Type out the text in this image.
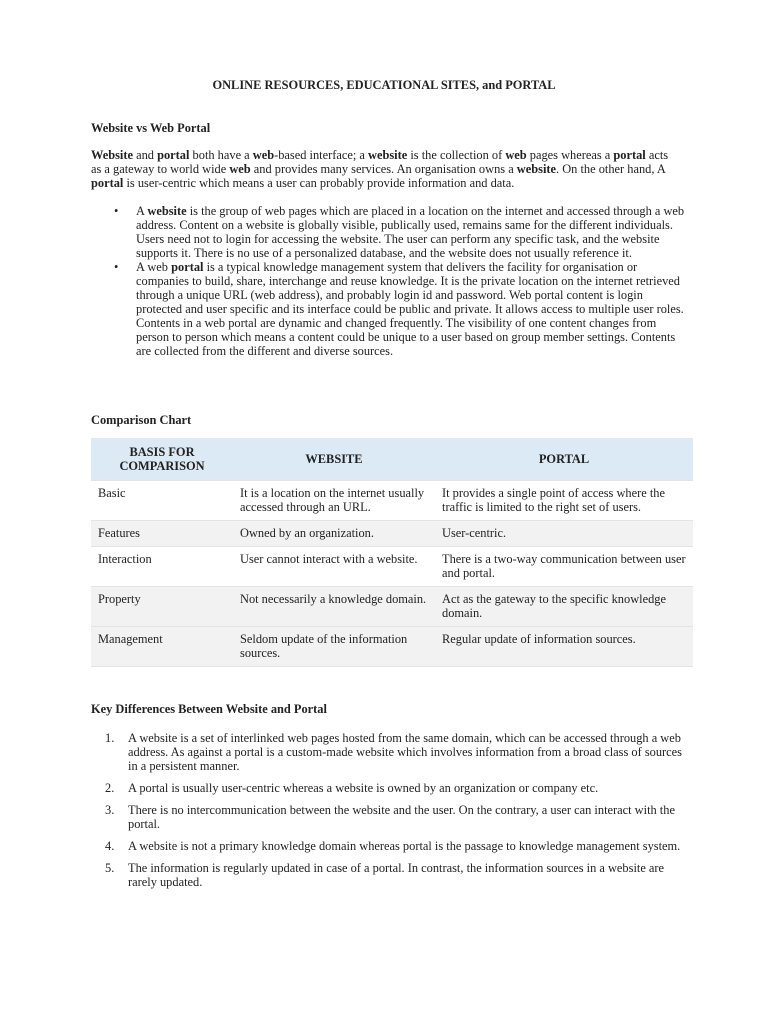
ONLINE RESOURCES, EDUCATIONAL SITES, and PORTAL
Website vs Web Portal

Website and portal both have a web-based interface; a website is the collection of web pages whereas a portal acts as a gateway to world wide web and provides many services. An organisation owns a website. On the other hand, A portal is user-centric which means a user can probably provide information and data.

• A website is the group of web pages which are placed in a location on the internet and accessed through a web address. Content on a website is globally visible, publically used, remains same for the different individuals. Users need not to login for accessing the website. The user can perform any specific task, and the website supports it. There is no use of a personalized database, and the website does not usually reference it.
• A web portal is a typical knowledge management system that delivers the facility for organisation or companies to build, share, interchange and reuse knowledge. It is the private location on the internet retrieved through a unique URL (web address), and probably login id and password. Web portal content is login protected and user specific and its interface could be public and private. It allows access to multiple user roles. Contents in a web portal are dynamic and changed frequently. The visibility of one content changes from person to person which means a content could be unique to a user based on group member settings. Contents are collected from the different and diverse sources.
Comparison Chart
BASIS FOR COMPARISON	WEBSITE	PORTAL
Basic	It is a location on the internet usually accessed through an URL.	It provides a single point of access where the traffic is limited to the right set of users.
Features	Owned by an organization.	User-centric.
Interaction	User cannot interact with a website.	There is a two-way communication between user and portal.
Property	Not necessarily a knowledge domain.	Act as the gateway to the specific knowledge domain.
Management	Seldom update of the information sources.	Regular update of information sources.
Key Differences Between Website and Portal
1. A website is a set of interlinked web pages hosted from the same domain, which can be accessed through a web address. As against a portal is a custom-made website which involves information from a broad class of sources in a persistent manner.
2. A portal is usually user-centric whereas a website is owned by an organization or company etc.
3. There is no intercommunication between the website and the user. On the contrary, a user can interact with the portal.
4. A website is not a primary knowledge domain whereas portal is the passage to knowledge management system.
5. The information is regularly updated in case of a portal. In contrast, the information sources in a website are rarely updated.
